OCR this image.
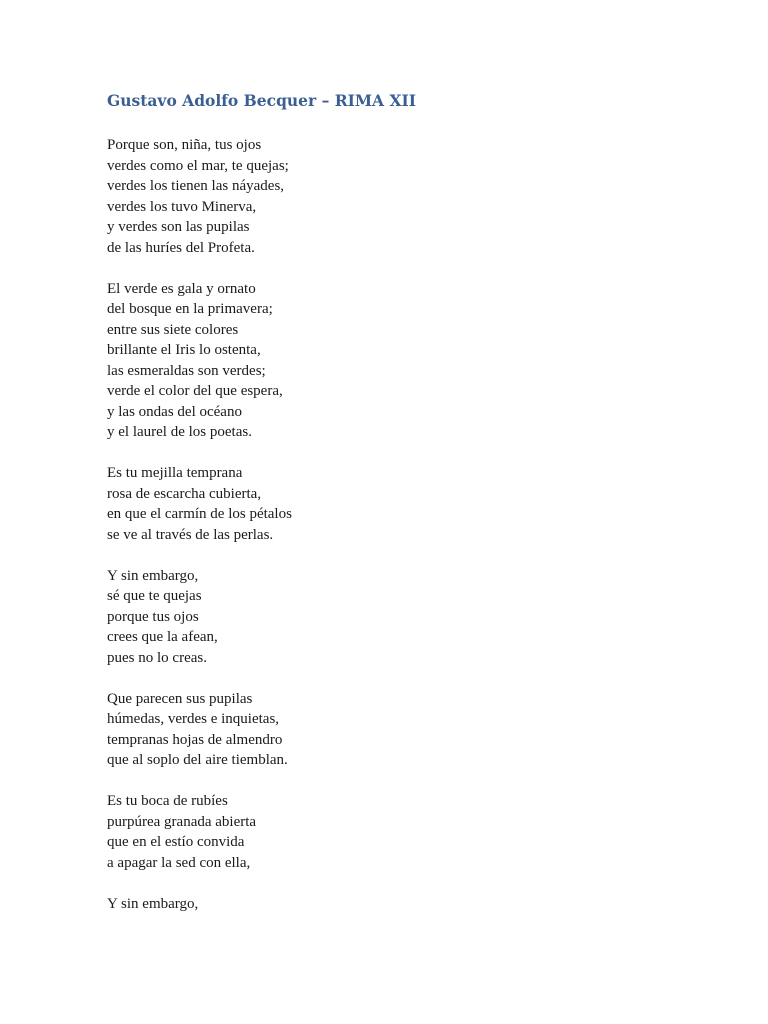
Gustavo Adolfo Becquer – RIMA XII
Porque son, niña, tus ojos
verdes como el mar, te quejas;
verdes los tienen las náyades,
verdes los tuvo Minerva,
y verdes son las pupilas
de las huríes del Profeta.
El verde es gala y ornato
del bosque en la primavera;
entre sus siete colores
brillante el Iris lo ostenta,
las esmeraldas son verdes;
verde el color del que espera,
y las ondas del océano
y el laurel de los poetas.
Es tu mejilla temprana
rosa de escarcha cubierta,
en que el carmín de los pétalos
se ve al través de las perlas.
Y sin embargo,
sé que te quejas
porque tus ojos
crees que la afean,
pues no lo creas.
Que parecen sus pupilas
húmedas, verdes e inquietas,
tempranas hojas de almendro
que al soplo del aire tiemblan.
Es tu boca de rubíes
purpúrea granada abierta
que en el estío convida
a apagar la sed con ella,
Y sin embargo,
